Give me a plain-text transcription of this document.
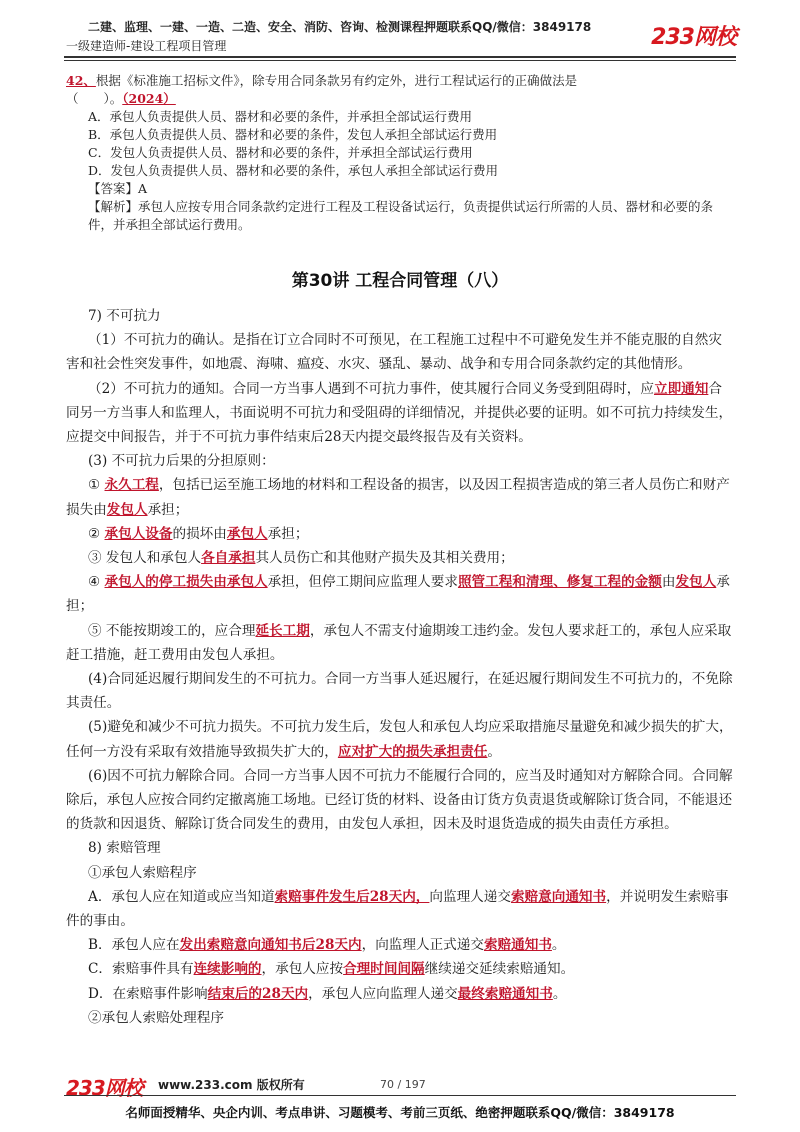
二建、监理、一建、一造、二造、安全、消防、咨询、检测课程押题联系QQ/微信：3849178
一级建造师-建设工程项目管理	233网校

42、根据《标准施工招标文件》，除专用合同条款另有约定外，进行工程试运行的正确做法是

（　　）。（2024）

A．承包人负责提供人员、器材和必要的条件，并承担全部试运行费用

B．承包人负责提供人员、器材和必要的条件，发包人承担全部试运行费用

C．发包人负责提供人员、器材和必要的条件，并承担全部试运行费用

D．发包人负责提供人员、器材和必要的条件，承包人承担全部试运行费用

【答案】A

【解析】承包人应按专用合同条款约定进行工程及工程设备试运行，负责提供试运行所需的人员、器材和必要的条件，并承担全部试运行费用。

第30讲 工程合同管理（八）

7) 不可抗力

（1）不可抗力的确认。是指在订立合同时不可预见，在工程施工过程中不可避免发生并不能克服的自然灾害和社会性突发事件，如地震、海啸、瘟疫、水灾、骚乱、暴动、战争和专用合同条款约定的其他情形。

（2）不可抗力的通知。合同一方当事人遇到不可抗力事件，使其履行合同义务受到阻碍时，应立即通知合同另一方当事人和监理人，书面说明不可抗力和受阻碍的详细情况，并提供必要的证明。如不可抗力持续发生，应提交中间报告，并于不可抗力事件结束后28天内提交最终报告及有关资料。

(3) 不可抗力后果的分担原则：

① 永久工程，包括已运至施工场地的材料和工程设备的损害，以及因工程损害造成的第三者人员伤亡和财产损失由发包人承担；

② 承包人设备的损坏由承包人承担；

③ 发包人和承包人各自承担其人员伤亡和其他财产损失及其相关费用；

④ 承包人的停工损失由承包人承担，但停工期间应监理人要求照管工程和清理、修复工程的金额由发包人承担；

⑤ 不能按期竣工的，应合理延长工期，承包人不需支付逾期竣工违约金。发包人要求赶工的，承包人应采取赶工措施，赶工费用由发包人承担。

(4)合同延迟履行期间发生的不可抗力。合同一方当事人延迟履行，在延迟履行期间发生不可抗力的，不免除其责任。

(5)避免和减少不可抗力损失。不可抗力发生后，发包人和承包人均应采取措施尽量避免和减少损失的扩大，任何一方没有采取有效措施导致损失扩大的，应对扩大的损失承担责任。

(6)因不可抗力解除合同。合同一方当事人因不可抗力不能履行合同的，应当及时通知对方解除合同。合同解除后，承包人应按合同约定撤离施工场地。已经订货的材料、设备由订货方负责退货或解除订货合同，不能退还的货款和因退货、解除订货合同发生的费用，由发包人承担，因未及时退货造成的损失由责任方承担。

8) 索赔管理

①承包人索赔程序

A．承包人应在知道或应当知道索赔事件发生后28天内，向监理人递交索赔意向通知书，并说明发生索赔事件的事由。

B．承包人应在发出索赔意向通知书后28天内，向监理人正式递交索赔通知书。

C．索赔事件具有连续影响的，承包人应按合理时间间隔继续递交延续索赔通知。

D．在索赔事件影响结束后的28天内，承包人应向监理人递交最终索赔通知书。

②承包人索赔处理程序

233网校 www.233.com 版权所有	70 / 197
名师面授精华、央企内训、考点串讲、习题模考、考前三页纸、绝密押题联系QQ/微信：3849178
